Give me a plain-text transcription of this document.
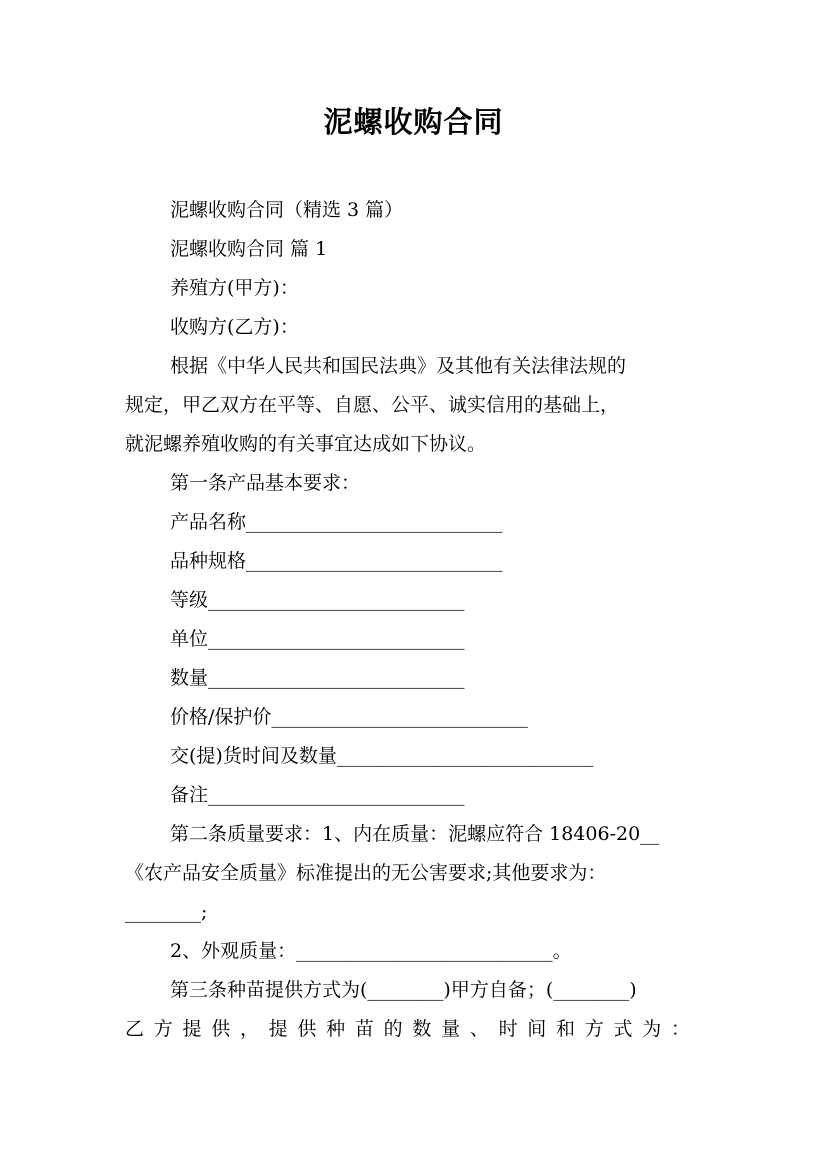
泥螺收购合同

泥螺收购合同（精选 3 篇）

泥螺收购合同 篇 1

养殖方(甲方)：

收购方(乙方)：

根据《中华人民共和国民法典》及其他有关法律法规的

规定，甲乙双方在平等、自愿、公平、诚实信用的基础上，

就泥螺养殖收购的有关事宜达成如下协议。

第一条产品基本要求：

产品名称___________________________

品种规格___________________________

等级___________________________

单位___________________________

数量___________________________

价格/保护价___________________________

交(提)货时间及数量___________________________

备注___________________________

第二条质量要求：1、内在质量：泥螺应符合 18406-20__

《农产品安全质量》标准提出的无公害要求;其他要求为：

________;

2、外观质量：___________________________。

第三条种苗提供方式为(________)甲方自备；(________)

乙方提供，提供种苗的数量、时间和方式为：
